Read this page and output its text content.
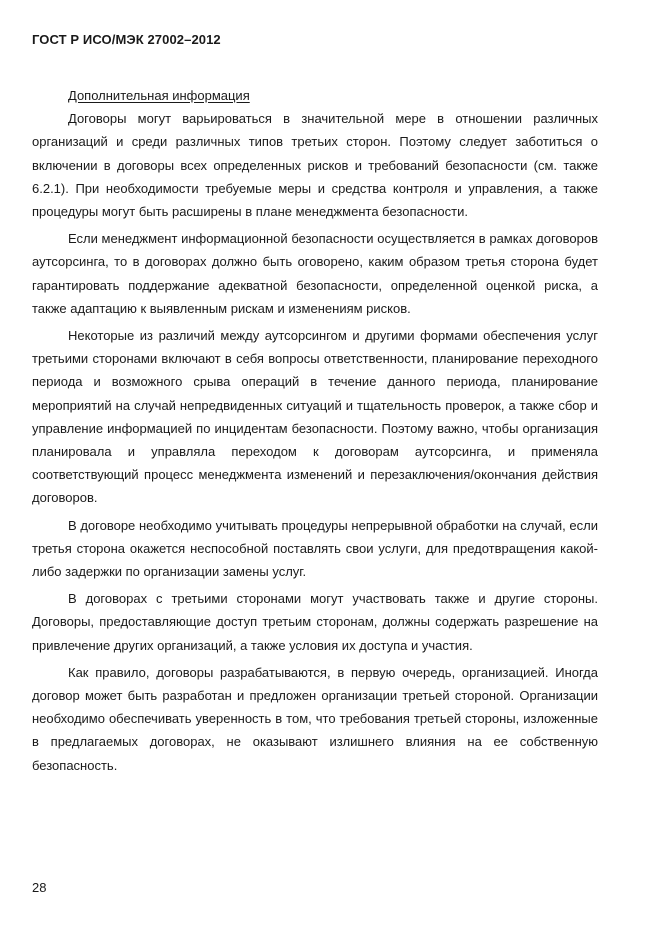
ГОСТ Р ИСО/МЭК 27002–2012

Дополнительная информация

Договоры могут варьироваться в значительной мере в отношении различных организаций и среди различных типов третьих сторон. Поэтому следует заботиться о включении в договоры всех определенных рисков и требований безопасности (см. также 6.2.1). При необходимости требуемые меры и средства контроля и управления, а также процедуры могут быть расширены в плане менеджмента безопасности.

Если менеджмент информационной безопасности осуществляется в рамках договоров аутсорсинга, то в договорах должно быть оговорено, каким образом третья сторона будет гарантировать поддержание адекватной безопасности, определенной оценкой риска, а также адаптацию к выявленным рискам и изменениям рисков.

Некоторые из различий между аутсорсингом и другими формами обеспечения услуг третьими сторонами включают в себя вопросы ответственности, планирование переходного периода и возможного срыва операций в течение данного периода, планирование мероприятий на случай непредвиденных ситуаций и тщательность проверок, а также сбор и управление информацией по инцидентам безопасности. Поэтому важно, чтобы организация планировала и управляла переходом к договорам аутсорсинга, и применяла соответствующий процесс менеджмента изменений и перезаключения/окончания действия договоров.

В договоре необходимо учитывать процедуры непрерывной обработки на случай, если третья сторона окажется неспособной поставлять свои услуги, для предотвращения какой-либо задержки по организации замены услуг.

В договорах с третьими сторонами могут участвовать также и другие стороны. Договоры, предоставляющие доступ третьим сторонам, должны содержать разрешение на привлечение других организаций, а также условия их доступа и участия.

Как правило, договоры разрабатываются, в первую очередь, организацией. Иногда договор может быть разработан и предложен организации третьей стороной. Организации необходимо обеспечивать уверенность в том, что требования третьей стороны, изложенные в предлагаемых договорах, не оказывают излишнего влияния на ее собственную безопасность.

28
